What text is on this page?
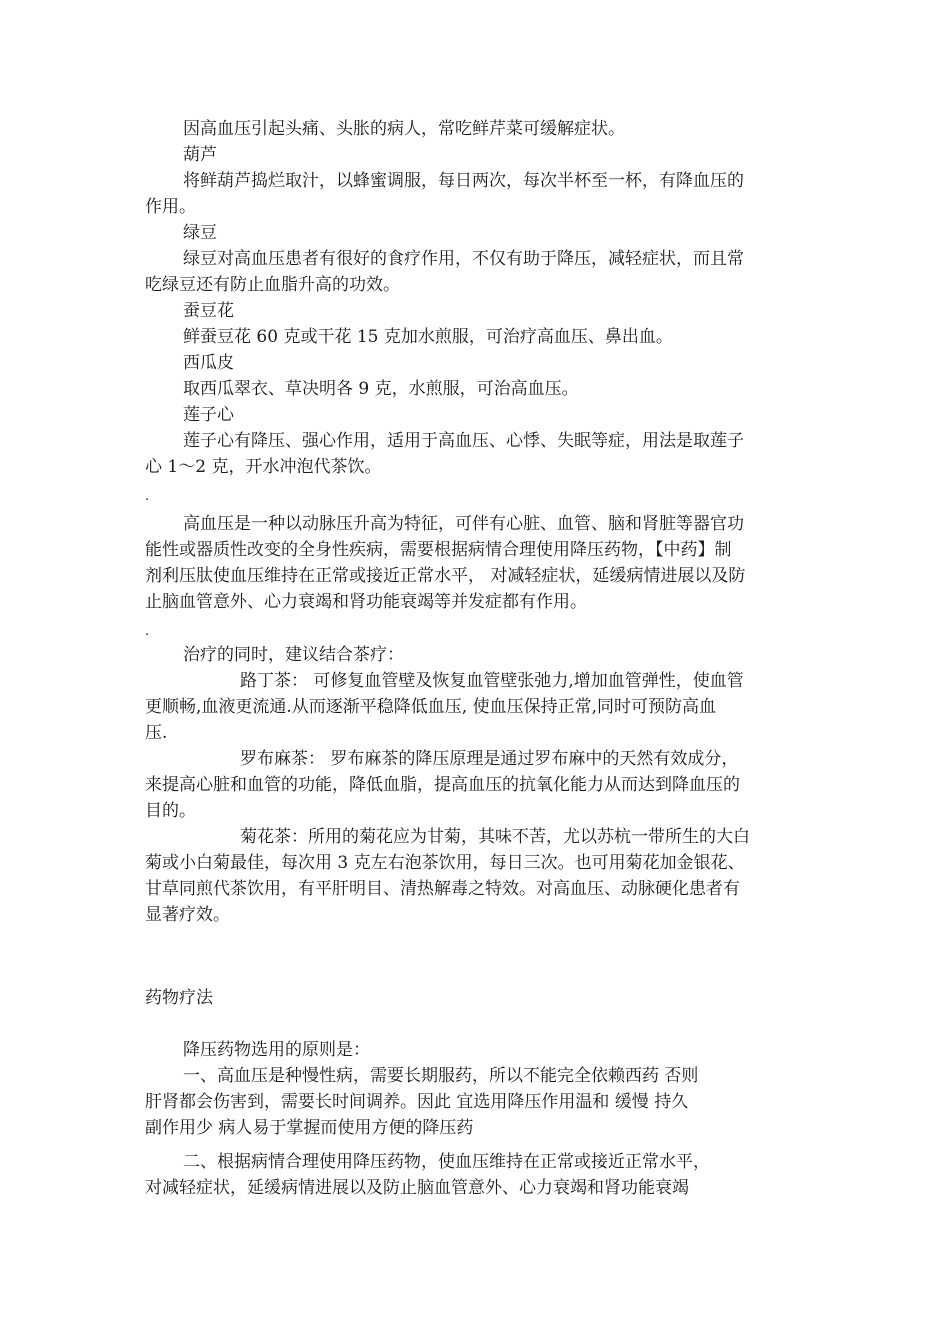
因高血压引起头痛、头胀的病人，常吃鲜芹菜可缓解症状。
葫芦
将鲜葫芦捣烂取汁，以蜂蜜调服，每日两次，每次半杯至一杯，有降血压的
作用。
绿豆
绿豆对高血压患者有很好的食疗作用，不仅有助于降压，减轻症状，而且常
吃绿豆还有防止血脂升高的功效。
蚕豆花
鲜蚕豆花 60 克或干花 15 克加水煎服，可治疗高血压、鼻出血。
西瓜皮
取西瓜翠衣、草决明各 9 克，水煎服，可治高血压。
莲子心
莲子心有降压、强心作用，适用于高血压、心悸、失眠等症，用法是取莲子
心 1～2 克，开水冲泡代茶饮。
.
高血压是一种以动脉压升高为特征，可伴有心脏、血管、脑和肾脏等器官功
能性或器质性改变的全身性疾病，需要根据病情合理使用降压药物，【中药】制
剂利压肽使血压维持在正常或接近正常水平， 对减轻症状，延缓病情进展以及防
止脑血管意外、心力衰竭和肾功能衰竭等并发症都有作用。
.
治疗的同时，建议结合茶疗：
路丁茶： 可修复血管壁及恢复血管壁张弛力,增加血管弹性，使血管
更顺畅,血液更流通.从而逐渐平稳降低血压, 使血压保持正常,同时可预防高血
压.
罗布麻茶： 罗布麻茶的降压原理是通过罗布麻中的天然有效成分，
来提高心脏和血管的功能，降低血脂，提高血压的抗氧化能力从而达到降血压的
目的。
菊花茶：所用的菊花应为甘菊，其味不苦，尤以苏杭一带所生的大白
菊或小白菊最佳，每次用 3 克左右泡茶饮用，每日三次。也可用菊花加金银花、
甘草同煎代茶饮用，有平肝明目、清热解毒之特效。对高血压、动脉硬化患者有
显著疗效。
药物疗法
降压药物选用的原则是：
一、高血压是种慢性病，需要长期服药，所以不能完全依赖西药 否则
肝肾都会伤害到，需要长时间调养。因此 宜选用降压作用温和 缓慢 持久
副作用少 病人易于掌握而使用方便的降压药
二、根据病情合理使用降压药物，使血压维持在正常或接近正常水平，
对减轻症状，延缓病情进展以及防止脑血管意外、心力衰竭和肾功能衰竭
